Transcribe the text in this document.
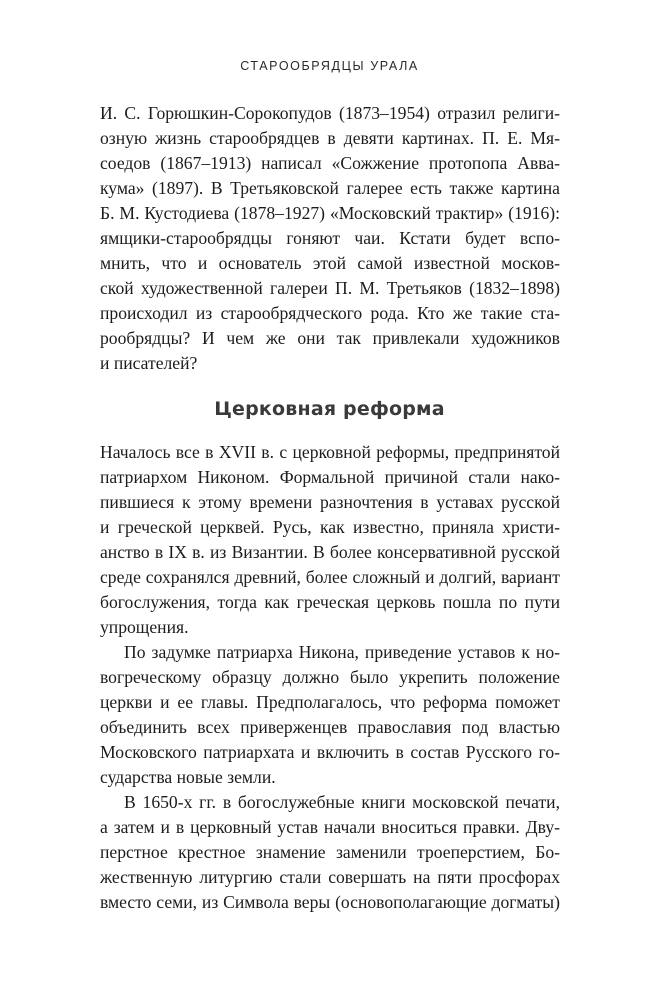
СТАРООБРЯДЦЫ УРАЛА
И. С. Горюшкин-Сорокопудов (1873–1954) отразил религи-
озную жизнь старообрядцев в девяти картинах. П. Е. Мя-
соедов (1867–1913) написал «Сожжение протопопа Авва-
кума» (1897). В Третьяковской галерее есть также картина
Б. М. Кустодиева (1878–1927) «Московский трактир» (1916):
ямщики-старообрядцы гоняют чаи. Кстати будет вспо-
мнить, что и основатель этой самой известной москов-
ской художественной галереи П. М. Третьяков (1832–1898)
происходил из старообрядческого рода. Кто же такие ста-
рообрядцы? И чем же они так привлекали художников
и писателей?
Церковная реформа
Началось все в XVII в. с церковной реформы, предпринятой
патриархом Никоном. Формальной причиной стали нако-
пившиеся к этому времени разночтения в уставах русской
и греческой церквей. Русь, как известно, приняла христи-
анство в IX в. из Византии. В более консервативной русской
среде сохранялся древний, более сложный и долгий, вариант
богослужения, тогда как греческая церковь пошла по пути
упрощения.
По задумке патриарха Никона, приведение уставов к но-
вогреческому образцу должно было укрепить положение
церкви и ее главы. Предполагалось, что реформа поможет
объединить всех приверженцев православия под властью
Московского патриархата и включить в состав Русского го-
сударства новые земли.
В 1650-х гг. в богослужебные книги московской печати,
а затем и в церковный устав начали вноситься правки. Дву-
перстное крестное знамение заменили троеперстием, Бо-
жественную литургию стали совершать на пяти просфорах
вместо семи, из Символа веры (основополагающие догматы)
